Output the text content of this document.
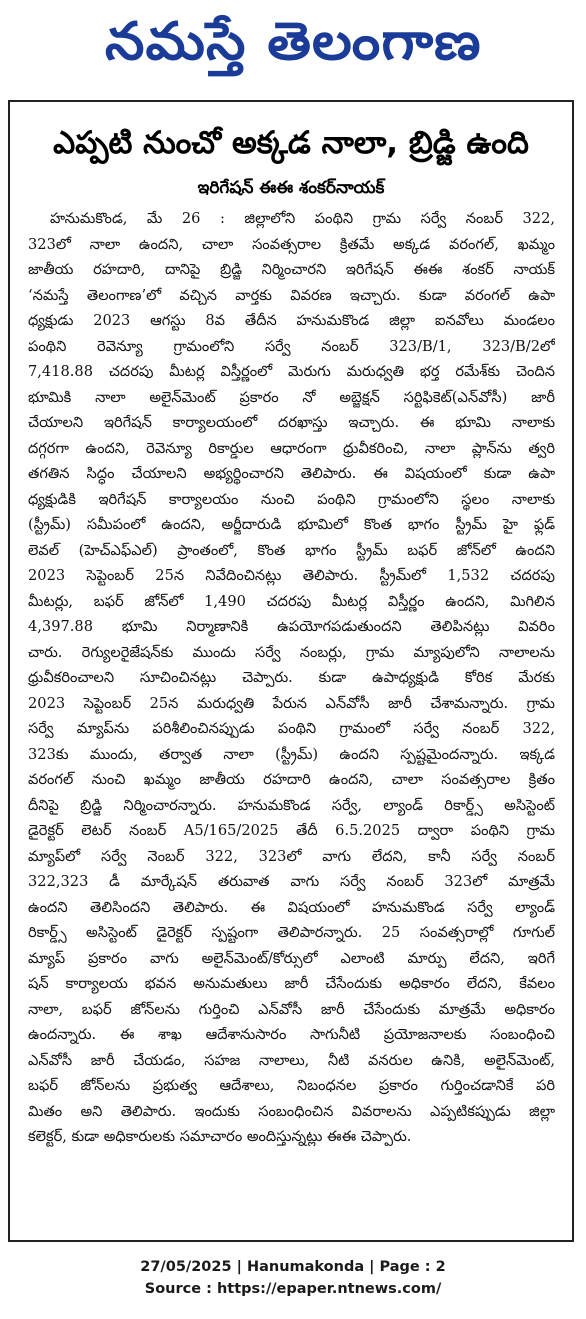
నమస్తే తెలంగాణ
ఎప్పటి నుంచో అక్కడ నాలా, బ్రిడ్జి ఉంది
ఇరిగేషన్ ఈఈ శంకర్‌నాయక్
హనుమకొండ, మే 26 : జిల్లాలోని పంథిని గ్రామ సర్వే నంబర్ 322,
323లో నాలా ఉందని, చాలా సంవత్సరాల క్రితమే అక్కడ వరంగల్, ఖమ్మం
జాతీయ రహదారి, దానిపై బ్రిడ్జి నిర్మించారని ఇరిగేషన్ ఈఈ శంకర్ నాయక్
‘నమస్తే తెలంగాణ’లో వచ్చిన వార్తకు వివరణ ఇచ్చారు. కుడా వరంగల్ ఉపా
ధ్యక్షుడు 2023 ఆగస్టు 8వ తేదీన హనుమకొండ జిల్లా ఐనవోలు మండలం
పంథిని రెవెన్యూ గ్రామంలోని సర్వే నంబర్ 323/B/1, 323/B/2లో
7,418.88 చదరపు మీటర్ల విస్తీర్ణంలో మెరుగు మరుధ్వతి భర్త రమేశ్‌కు చెందిన
భూమికి నాలా అలైన్‌మెంట్ ప్రకారం నో అబ్జెక్షన్ సర్టిఫికెట్(ఎన్‌వోసీ) జారీ
చేయాలని ఇరిగేషన్ కార్యాలయంలో దరఖాస్తు ఇచ్చారు. ఈ భూమి నాలాకు
దగ్గరగా ఉందని, రెవెన్యూ రికార్డుల ఆధారంగా ధ్రువీకరించి, నాలా ప్లాన్‌ను త్వరి
తగతిన సిద్ధం చేయాలని అభ్యర్థించారని తెలిపారు. ఈ విషయంలో కుడా ఉపా
ధ్యక్షుడికి ఇరిగేషన్ కార్యాలయం నుంచి పంథిని గ్రామంలోని స్థలం నాలాకు
(స్ట్రీమ్) సమీపంలో ఉందని, అర్జీదారుడి భూమిలో కొంత భాగం స్ట్రీమ్ హై ఫ్లడ్
లెవల్ (హెచ్‌ఎఫ్‌ఎల్) ప్రాంతంలో, కొంత భాగం స్ట్రీమ్ బఫర్ జోన్‌లో ఉందని
2023 సెప్టెంబర్ 25న నివేదించినట్లు తెలిపారు. స్ట్రీమ్‌లో 1,532 చదరపు
మీటర్లు, బఫర్ జోన్‌లో 1,490 చదరపు మీటర్ల విస్తీర్ణం ఉందని, మిగిలిన
4,397.88 భూమి నిర్మాణానికి ఉపయోగపడుతుందని తెలిపినట్లు వివరిం
చారు. రెగ్యులరైజేషన్‌కు ముందు సర్వే నంబర్లు, గ్రామ మ్యాపులోని నాలాలను
ధ్రువీకరించాలని సూచించినట్లు చెప్పారు. కుడా ఉపాధ్యక్షుడి కోరిక మేరకు
2023 సెప్టెంబర్ 25న మరుధ్వతి పేరున ఎన్‌వోసీ జారీ చేశామన్నారు. గ్రామ
సర్వే మ్యాప్‌ను పరిశీలించినప్పుడు పంథిని గ్రామంలో సర్వే నంబర్ 322,
323కు ముందు, తర్వాత నాలా (స్ట్రీమ్) ఉందని స్పష్టమైందన్నారు. ఇక్కడ
వరంగల్ నుంచి ఖమ్మం జాతీయ రహదారి ఉందని, చాలా సంవత్సరాల క్రితం
దీనిపై బ్రిడ్జి నిర్మించారన్నారు. హనుమకొండ సర్వే, ల్యాండ్ రికార్డ్స్ అసిస్టెంట్
డైరెక్టర్ లెటర్ నంబర్ A5/165/2025 తేదీ 6.5.2025 ద్వారా పంథిని గ్రామ
మ్యాప్‌లో సర్వే నెంబర్ 322, 323లో వాగు లేదని, కానీ సర్వే నంబర్
322,323 డీ మార్కేషన్ తరువాత వాగు సర్వే నంబర్ 323లో మాత్రమే
ఉందని తెలిసిందని తెలిపారు. ఈ విషయంలో హనుమకొండ సర్వే ల్యాండ్
రికార్డ్స్ అసిస్టెంట్ డైరెక్టర్ స్పష్టంగా తెలిపారన్నారు. 25 సంవత్సరాల్లో గూగుల్
మ్యాప్ ప్రకారం వాగు అలైన్‌మెంట్/కోర్సులో ఎలాంటి మార్పు లేదని, ఇరిగే
షన్ కార్యాలయ భవన అనుమతులు జారీ చేసేందుకు అధికారం లేదని, కేవలం
నాలా, బఫర్ జోన్‌లను గుర్తించి ఎన్‌వోసీ జారీ చేసేందుకు మాత్రమే అధికారం
ఉందన్నారు. ఈ శాఖ ఆదేశానుసారం సాగునీటి ప్రయోజనాలకు సంబంధించి
ఎన్‌వోసీ జారీ చేయడం, సహజ నాలాలు, నీటి వనరుల ఉనికి, అలైన్‌మెంట్,
బఫర్ జోన్‌లను ప్రభుత్వ ఆదేశాలు, నిబంధనల ప్రకారం గుర్తించడానికే పరి
మితం అని తెలిపారు. ఇందుకు సంబంధించిన వివరాలను ఎప్పటికప్పుడు జిల్లా
కలెక్టర్, కుడా అధికారులకు సమాచారం అందిస్తున్నట్లు ఈఈ చెప్పారు.
27/05/2025 | Hanumakonda | Page : 2
Source : https://epaper.ntnews.com/
